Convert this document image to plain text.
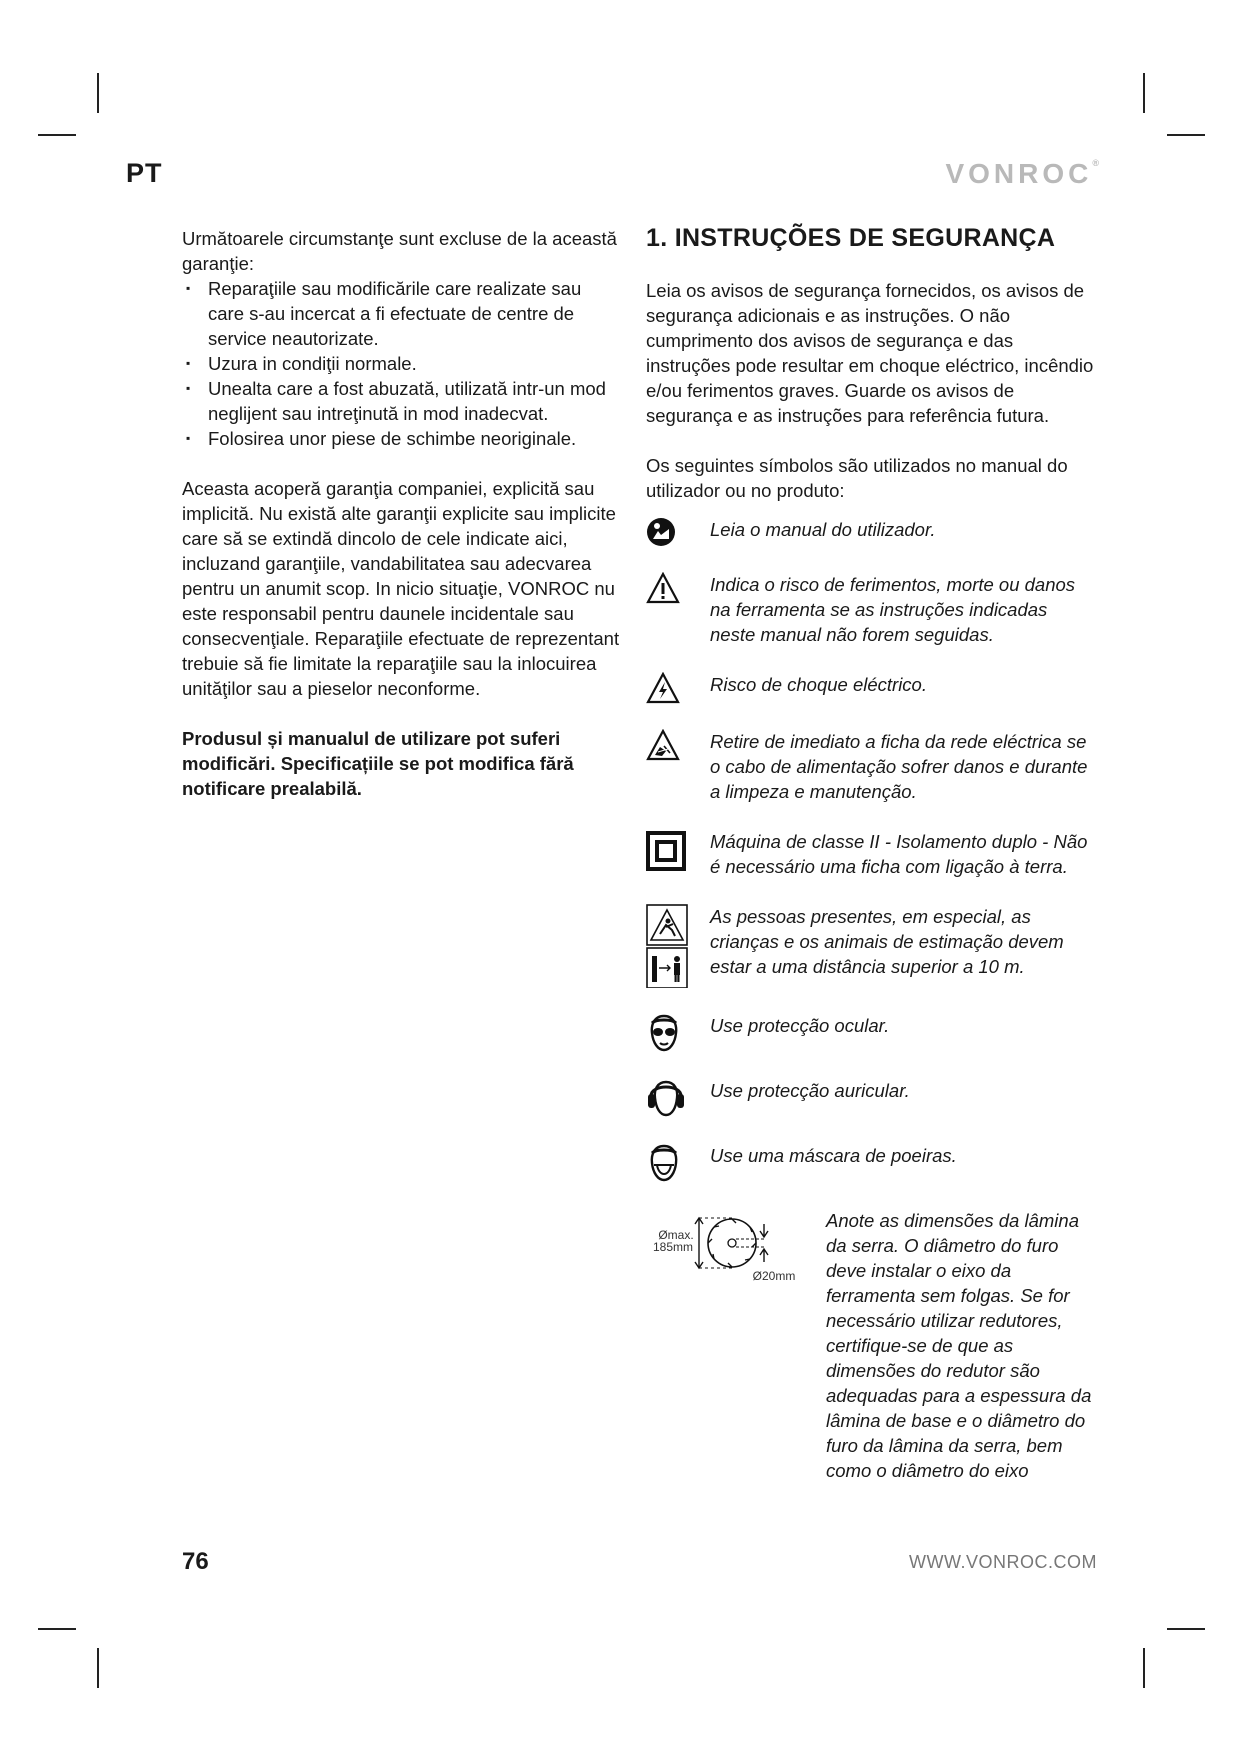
PT	VONROC®

Următoarele circumstanţe sunt excluse de la această garanţie:

▪ Reparaţiile sau modificările care realizate sau care s-au incercat a fi efectuate de centre de service neautorizate.
▪ Uzura in condiţii normale.
▪ Unealta care a fost abuzată, utilizată intr-un mod neglijent sau intreţinută in mod inadecvat.
▪ Folosirea unor piese de schimbe neoriginale.

Aceasta acoperă garanţia companiei, explicită sau implicită. Nu există alte garanţii explicite sau implicite care să se extindă dincolo de cele indicate aici, incluzand garanţiile, vandabilitatea sau adecvarea pentru un anumit scop. In nicio situaţie, VONROC nu este responsabil pentru daunele incidentale sau consecvenţiale. Reparaţiile efectuate de reprezentant trebuie să fie limitate la reparaţiile sau la inlocuirea unităţilor sau a pieselor neconforme.

Produsul și manualul de utilizare pot suferi modificări. Specificațiile se pot modifica fără notificare prealabilă.

1. INSTRUÇÕES DE SEGURANÇA

Leia os avisos de segurança fornecidos, os avisos de segurança adicionais e as instruções. O não cumprimento dos avisos de segurança e das instruções pode resultar em choque eléctrico, incêndio e/ou ferimentos graves. Guarde os avisos de segurança e as instruções para referência futura.

Os seguintes símbolos são utilizados no manual do utilizador ou no produto:

Leia o manual do utilizador.
Indica o risco de ferimentos, morte ou danos na ferramenta se as instruções indicadas neste manual não forem seguidas.
Risco de choque eléctrico.
Retire de imediato a ficha da rede eléctrica se o cabo de alimentação sofrer danos e durante a limpeza e manutenção.
Máquina de classe II - Isolamento duplo - Não é necessário uma ficha com ligação à terra.
As pessoas presentes, em especial, as crianças e os animais de estimação devem estar a uma distância superior a 10 m.
Use protecção ocular.
Use protecção auricular.
Use uma máscara de poeiras.
Ømax.
185mm
Ø20mm
Anote as dimensões da lâmina da serra. O diâmetro do furo deve instalar o eixo da ferramenta sem folgas. Se for necessário utilizar redutores, certifique-se de que as dimensões do redutor são adequadas para a espessura da lâmina de base e o diâmetro do furo da lâmina da serra, bem como o diâmetro do eixo
76	WWW.VONROC.COM
